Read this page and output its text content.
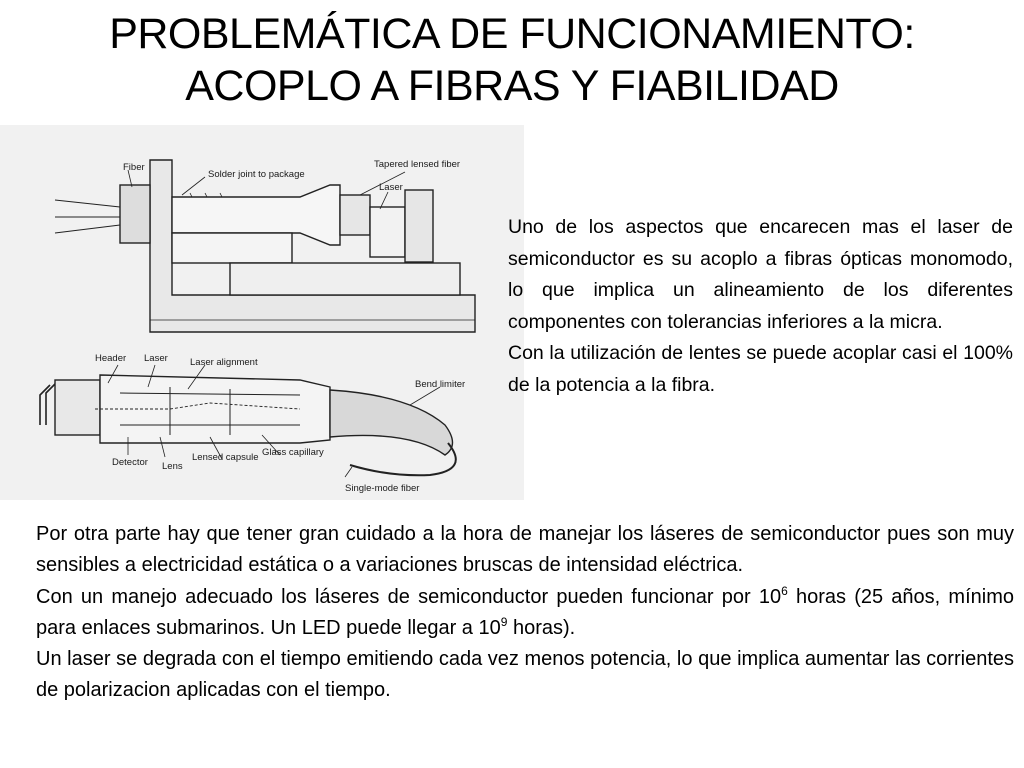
PROBLEMÁTICA DE FUNCIONAMIENTO:
ACOPLO A FIBRAS Y FIABILIDAD
Fiber
Solder joint to package
Tapered lensed fiber
Laser
Header Laser Laser alignment
Bend limiter
Detector Lens
Lensed capsule Glass capillary
Single-mode fiber

Uno de los aspectos que encarecen mas el laser de semiconductor es su acoplo a fibras ópticas monomodo, lo que implica un alineamiento de los diferentes componentes con tolerancias inferiores a la micra.

Con la utilización de lentes se puede acoplar casi el 100% de la potencia a la fibra.

Por otra parte hay que tener gran cuidado a la hora de manejar los láseres de semiconductor pues son muy sensibles a electricidad estática o a variaciones bruscas de intensidad eléctrica.

Con un manejo adecuado los láseres de semiconductor pueden funcionar por $10^6$ horas (25 años, mínimo para enlaces submarinos. Un LED puede llegar a $10^9$ horas).

Un laser se degrada con el tiempo emitiendo cada vez menos potencia, lo que implica aumentar las corrientes de polarizacion aplicadas con el tiempo.
